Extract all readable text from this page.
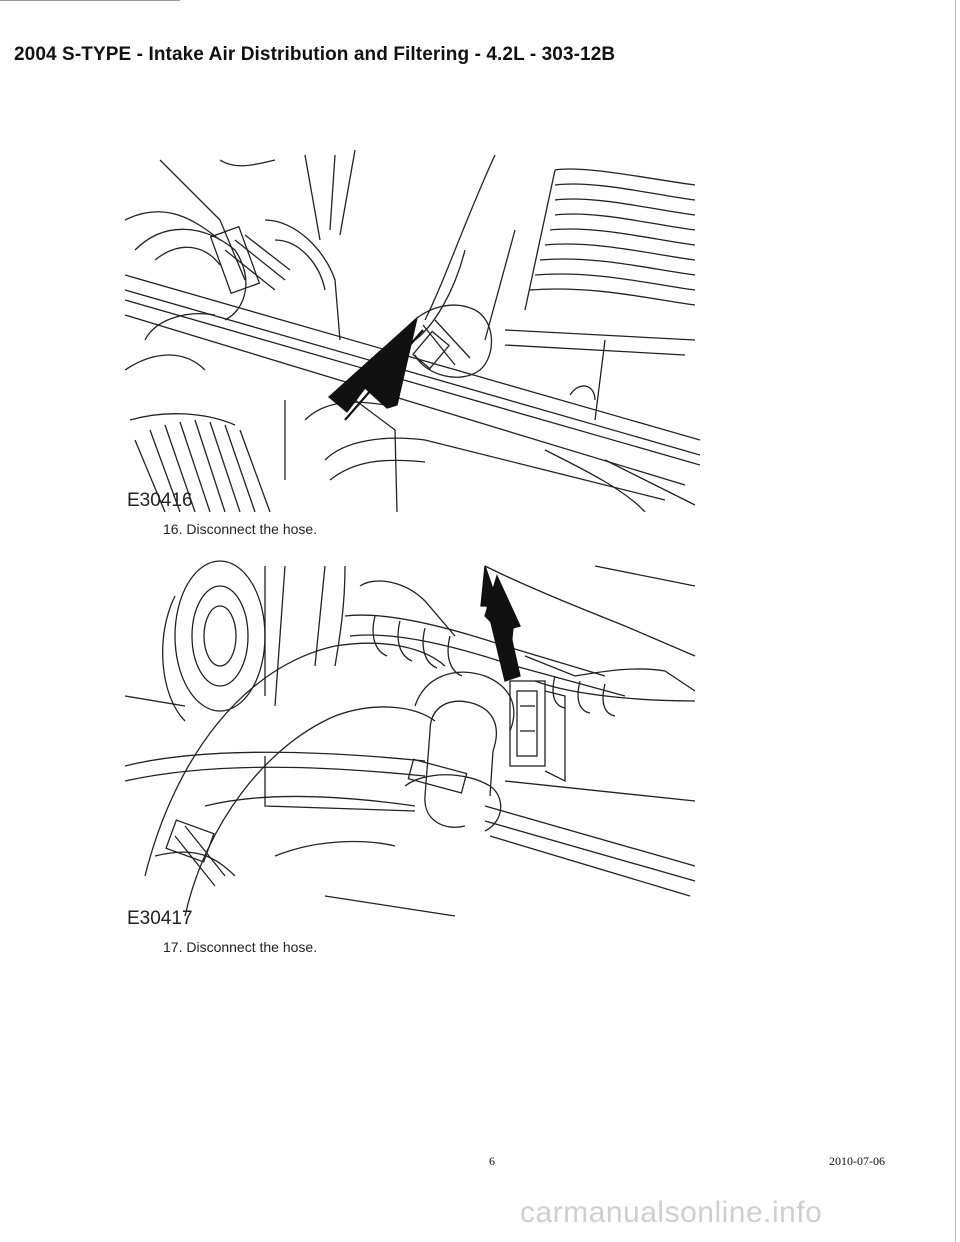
2004 S-TYPE - Intake Air Distribution and Filtering - 4.2L - 303-12B
E30416
16. Disconnect the hose.
E30417
17. Disconnect the hose.
6	2010-07-06
carmanualsonline.info
